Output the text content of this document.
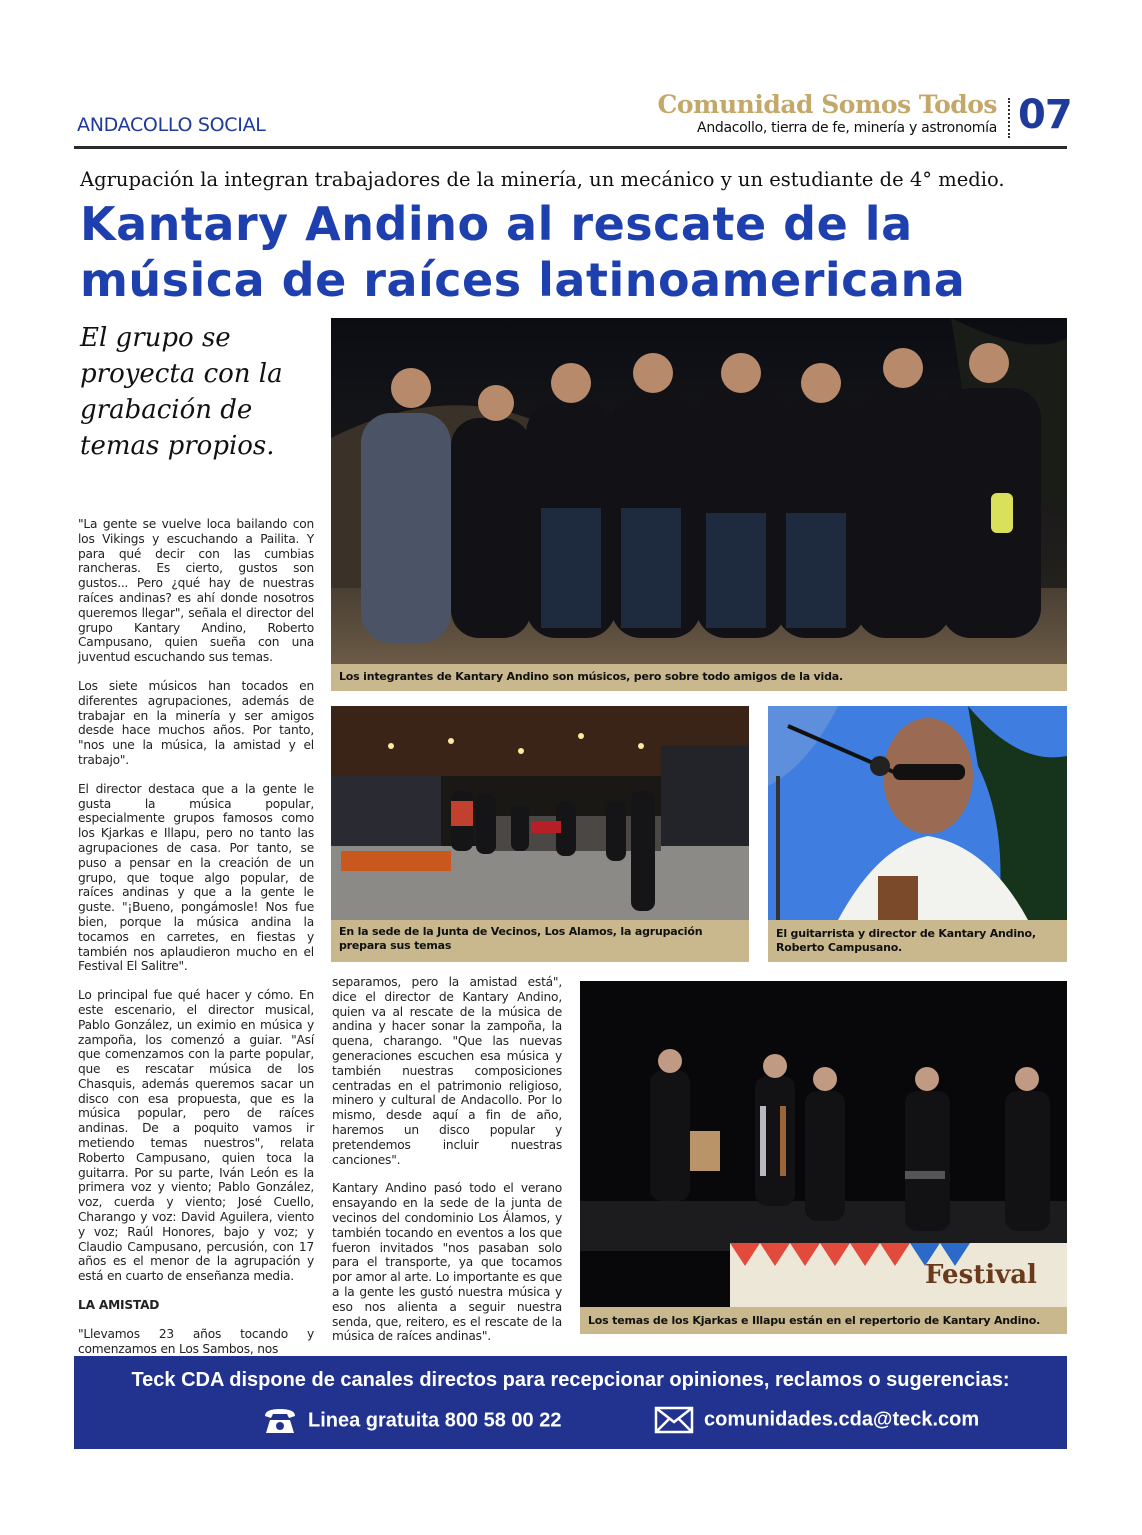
ANDACOLLO SOCIAL
Comunidad Somos Todos
Andacollo, tierra de fe, minería y astronomía 07
Agrupación la integran trabajadores de la minería, un mecánico y un estudiante de 4° medio.
Kantary Andino al rescate de la
música de raíces latinoamericana
El grupo se proyecta con la grabación de temas propios.
Los integrantes de Kantary Andino son músicos, pero sobre todo amigos de la vida.
En la sede de la Junta de Vecinos, Los Alamos, la agrupación prepara sus temas
El guitarrista y director de Kantary Andino, Roberto Campusano.
Festival
Los temas de los Kjarkas e Illapu están en el repertorio de Kantary Andino.

"La gente se vuelve loca bailando con los Vikings y escuchando a Pailita. Y para qué decir con las cumbias rancheras. Es cierto, gustos son gustos... Pero ¿qué hay de nuestras raíces andinas? es ahí donde nosotros queremos llegar", señala el director del grupo Kantary Andino, Roberto Campusano, quien sueña con una juventud escuchando sus temas.

Los siete músicos han tocados en diferentes agrupaciones, además de trabajar en la minería y ser amigos desde hace muchos años. Por tanto, "nos une la música, la amistad y el trabajo".

El director destaca que a la gente le gusta la música popular, especialmente grupos famosos como los Kjarkas e Illapu, pero no tanto las agrupaciones de casa. Por tanto, se puso a pensar en la creación de un grupo, que toque algo popular, de raíces andinas y que a la gente le guste. "¡Bueno, pongámosle! Nos fue bien, porque la música andina la tocamos en carretes, en fiestas y también nos aplaudieron mucho en el Festival El Salitre".

Lo principal fue qué hacer y cómo. En este escenario, el director musical, Pablo González, un eximio en música y zampoña, los comenzó a guiar. "Así que comenzamos con la parte popular, que es rescatar música de los Chasquis, además queremos sacar un disco con esa propuesta, que es la música popular, pero de raíces andinas. De a poquito vamos ir metiendo temas nuestros", relata Roberto Campusano, quien toca la guitarra. Por su parte, Iván León es la primera voz y viento; Pablo González, voz, cuerda y viento; José Cuello, Charango y voz: David Aguilera, viento y voz; Raúl Honores, bajo y voz; y Claudio Campusano, percusión, con 17 años es el menor de la agrupación y está en cuarto de enseñanza media.

LA AMISTAD

"Llevamos 23 años tocando y comenzamos en Los Sambos, nos

separamos, pero la amistad está", dice el director de Kantary Andino, quien va al rescate de la música de andina y hacer sonar la zampoña, la quena, charango. "Que las nuevas generaciones escuchen esa música y también nuestras composiciones centradas en el patrimonio religioso, minero y cultural de Andacollo. Por lo mismo, desde aquí a fin de año, haremos un disco popular y pretendemos incluir nuestras canciones".

Kantary Andino pasó todo el verano ensayando en la sede de la junta de vecinos del condominio Los Álamos, y también tocando en eventos a los que fueron invitados "nos pasaban solo para el transporte, ya que tocamos por amor al arte. Lo importante es que a la gente les gustó nuestra música y eso nos alienta a seguir nuestra senda, que, reitero, es el rescate de la música de raíces andinas".

Teck CDA dispone de canales directos para recepcionar opiniones, reclamos o sugerencias:
Linea gratuita 800 58 00 22	comunidades.cda@teck.com
